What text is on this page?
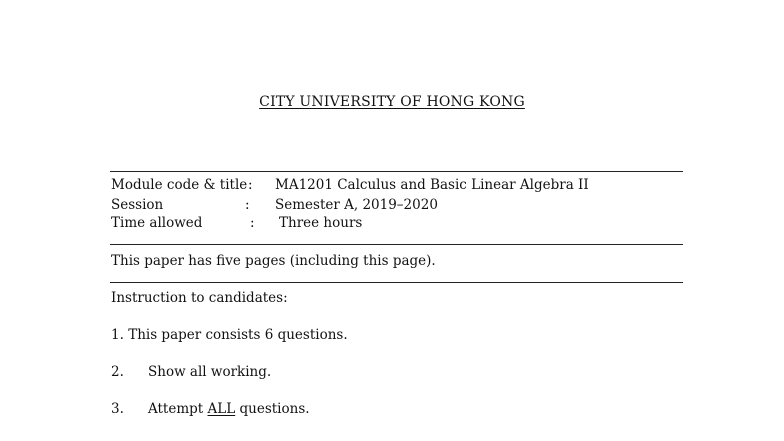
CITY UNIVERSITY OF HONG KONG
Module code & title : MA1201 Calculus and Basic Linear Algebra II
Session	: Semester A, 2019–2020
Time allowed	: Three hours
This paper has five pages (including this page).
Instruction to candidates:
1. This paper consists 6 questions.
2. Show all working.
3. Attempt ALL questions.
